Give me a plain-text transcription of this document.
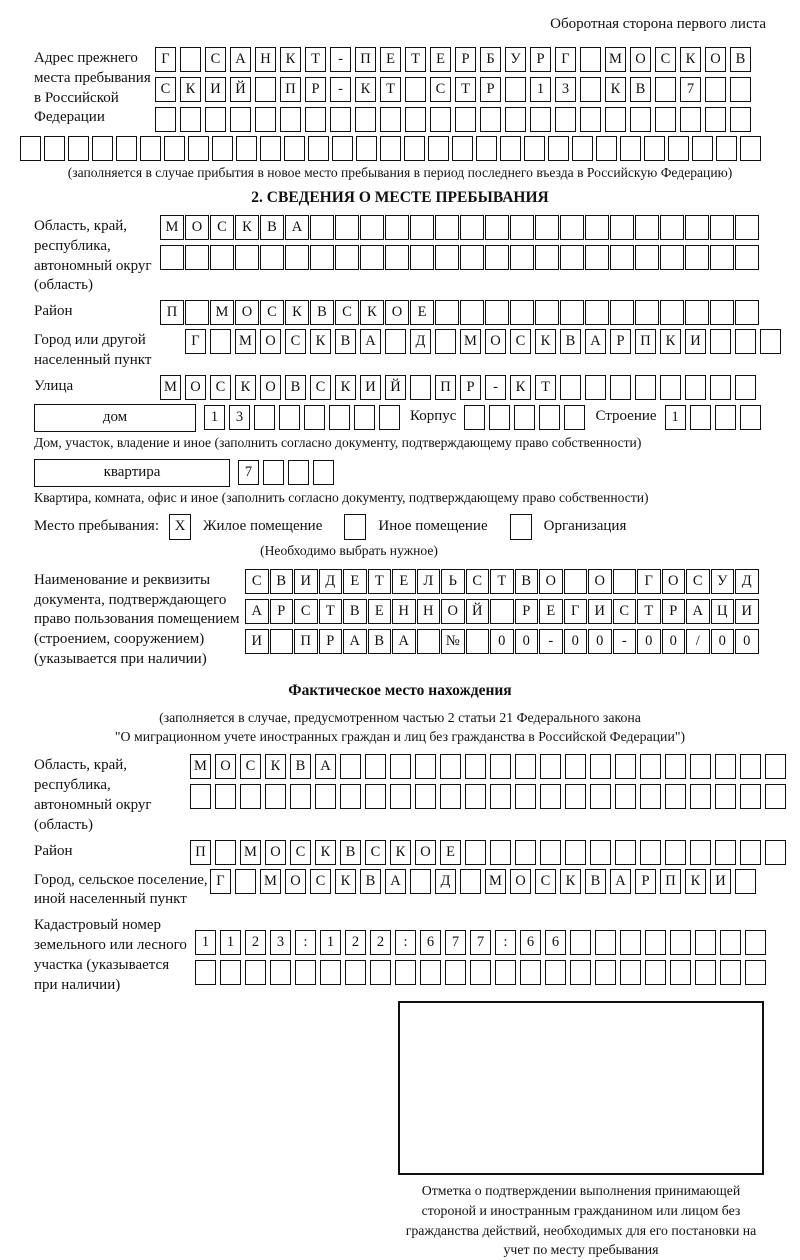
Оборотная сторона первого листа
Адрес прежнего места пребывания в Российской Федерации
Г	С	А	Н	К	Т	-	П	Е	Т	Е	Р	Б	У	Р	Г	М О	С	К	О	В
С	К	И	Й	П	Р	-	К	Т	С	Т	Р	1	3	К	В	7
(заполняется в случае прибытия в новое место пребывания в период последнего въезда в Российскую Федерацию)
2. СВЕДЕНИЯ О МЕСТЕ ПРЕБЫВАНИЯ
Область, край, республика, автономный округ (область)
М О	С	К	В	А
Район	П	М О	С	К	В	С	К	О	Е
Город или другой населенный пункт
Г	М О	С	К	В	А	Д	М О	С	К	В	А	Р	П	К	И
Улица	М О	С	К	О	В	С	К	И	Й	П	Р	-	К	Т
дом	1	3	Корпус	Строение	1
Дом, участок, владение и иное (заполнить согласно документу, подтверждающему право собственности)
квартира	7
Квартира, комната, офис и иное (заполнить согласно документу, подтверждающему право собственности)
Место пребывания:	X	Жилое помещение	Иное помещение	Организация
(Необходимо выбрать нужное)
Наименование и реквизиты документа, подтверждающего право пользования помещением (строением, сооружением) (указывается при наличии)
С	В И Д	Е	Т	Е	Л	Ь	С	Т	В О	О	Г	О С	У Д
А	Р	С	Т	В	Е	Н Н О Й	Р	Е	Г	И С	Т	Р	А Ц И
И	П	Р	А В А	№	0	0	-	0	0	-	0	0	/	0	0
Фактическое место нахождения
(заполняется в случае, предусмотренном частью 2 статьи 21 Федерального закона
"О миграционном учете иностранных граждан и лиц без гражданства в Российской Федерации")
Область, край, республика, автономный округ (область)
М О	С	К	В	А
Район	П	М О	С	К	В	С	К	О	Е
Город, сельское поселение, иной населенный пункт
Г	М О	С	К	В	А	Д	М О	С	К	В	А	Р	П	К	И
Кадастровый номер земельного или лесного участка (указывается при наличии)
1	1	2	3	:	1	2	2	:	6	7	7	:	6	6
Отметка о подтверждении выполнения принимающей стороной и иностранным гражданином или лицом без гражданства действий, необходимых для его постановки на учет по месту пребывания
